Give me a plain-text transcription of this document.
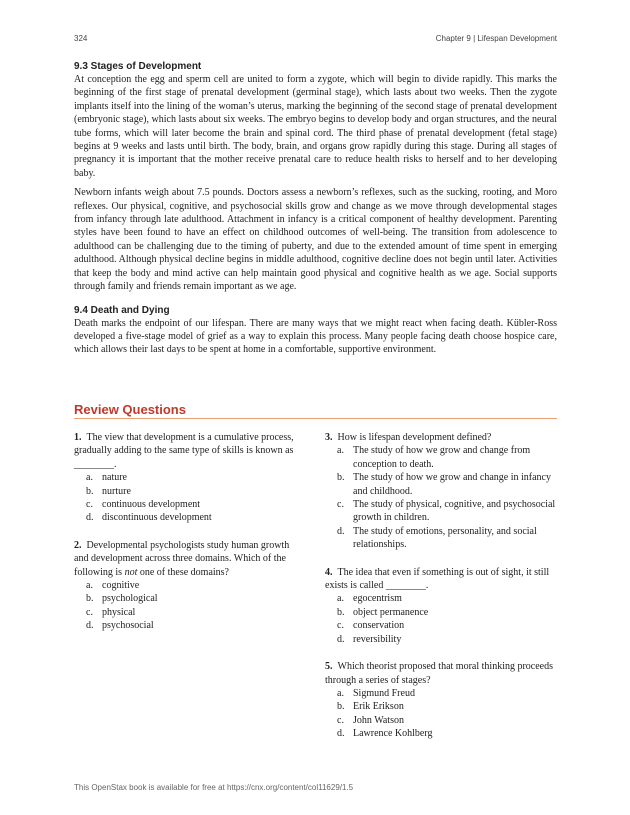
324	Chapter 9 | Lifespan Development
9.3 Stages of Development

At conception the egg and sperm cell are united to form a zygote, which will begin to divide rapidly. This marks the beginning of the first stage of prenatal development (germinal stage), which lasts about two weeks. Then the zygote implants itself into the lining of the woman’s uterus, marking the beginning of the second stage of prenatal development (embryonic stage), which lasts about six weeks. The embryo begins to develop body and organ structures, and the neural tube forms, which will later become the brain and spinal cord. The third phase of prenatal development (fetal stage) begins at 9 weeks and lasts until birth. The body, brain, and organs grow rapidly during this stage. During all stages of pregnancy it is important that the mother receive prenatal care to reduce health risks to herself and to her developing baby.

Newborn infants weigh about 7.5 pounds. Doctors assess a newborn’s reflexes, such as the sucking, rooting, and Moro reflexes. Our physical, cognitive, and psychosocial skills grow and change as we move through developmental stages from infancy through late adulthood. Attachment in infancy is a critical component of healthy development. Parenting styles have been found to have an effect on childhood outcomes of well-being. The transition from adolescence to adulthood can be challenging due to the timing of puberty, and due to the extended amount of time spent in emerging adulthood. Although physical decline begins in middle adulthood, cognitive decline does not begin until later. Activities that keep the body and mind active can help maintain good physical and cognitive health as we age. Social supports through family and friends remain important as we age.

9.4 Death and Dying

Death marks the endpoint of our lifespan. There are many ways that we might react when facing death. Kübler-Ross developed a five-stage model of grief as a way to explain this process. Many people facing death choose hospice care, which allows their last days to be spent at home in a comfortable, supportive environment.

Review Questions

1. The view that development is a cumulative process, gradually adding to the same type of skills is known as ________.

a. nature
b. nurture
c. continuous development
d. discontinuous development

2. Developmental psychologists study human growth and development across three domains. Which of the following is not one of these domains?

a. cognitive
b. psychological
c. physical
d. psychosocial

3. How is lifespan development defined?

a. The study of how we grow and change from conception to death.
b. The study of how we grow and change in infancy and childhood.
c. The study of physical, cognitive, and psychosocial growth in children.
d. The study of emotions, personality, and social relationships.

4. The idea that even if something is out of sight, it still exists is called ________.

a. egocentrism
b. object permanence
c. conservation
d. reversibility

5. Which theorist proposed that moral thinking proceeds through a series of stages?

a. Sigmund Freud
b. Erik Erikson
c. John Watson
d. Lawrence Kohlberg
This OpenStax book is available for free at https://cnx.org/content/col11629/1.5
